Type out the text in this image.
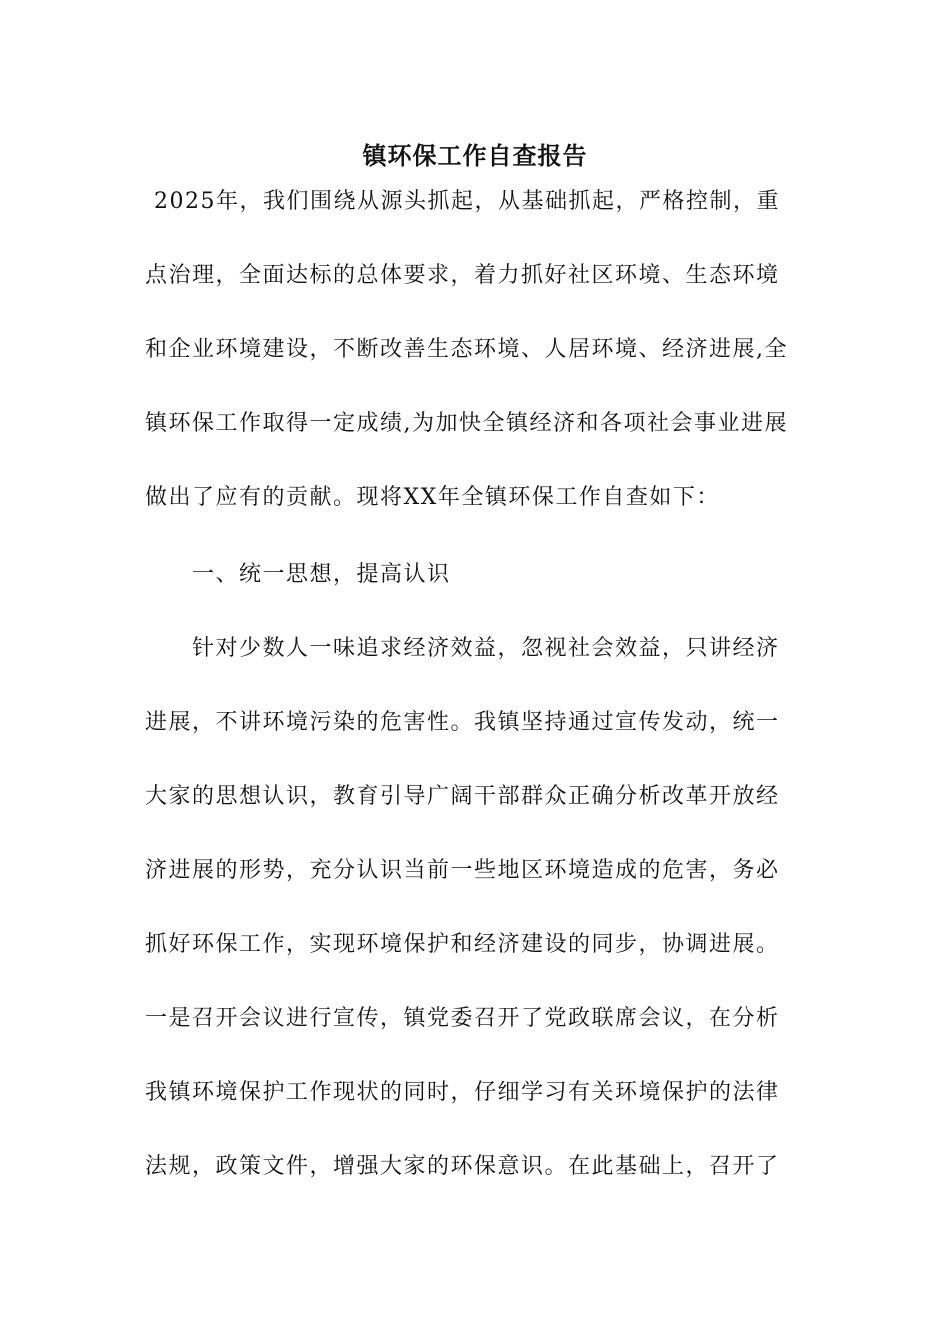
镇环保工作自查报告
2025年，我们围绕从源头抓起，从基础抓起，严格控制，重
点治理，全面达标的总体要求，着力抓好社区环境、生态环境
和企业环境建设，不断改善生态环境、人居环境、经济进展,全
镇环保工作取得一定成绩,为加快全镇经济和各项社会事业进展
做出了应有的贡献。现将XX年全镇环保工作自查如下：
一、统一思想，提高认识
针对少数人一味追求经济效益，忽视社会效益，只讲经济
进展，不讲环境污染的危害性。我镇坚持通过宣传发动，统一
大家的思想认识，教育引导广阔干部群众正确分析改革开放经
济进展的形势，充分认识当前一些地区环境造成的危害，务必
抓好环保工作，实现环境保护和经济建设的同步，协调进展。
一是召开会议进行宣传，镇党委召开了党政联席会议，在分析
我镇环境保护工作现状的同时，仔细学习有关环境保护的法律
法规，政策文件，增强大家的环保意识。在此基础上，召开了
